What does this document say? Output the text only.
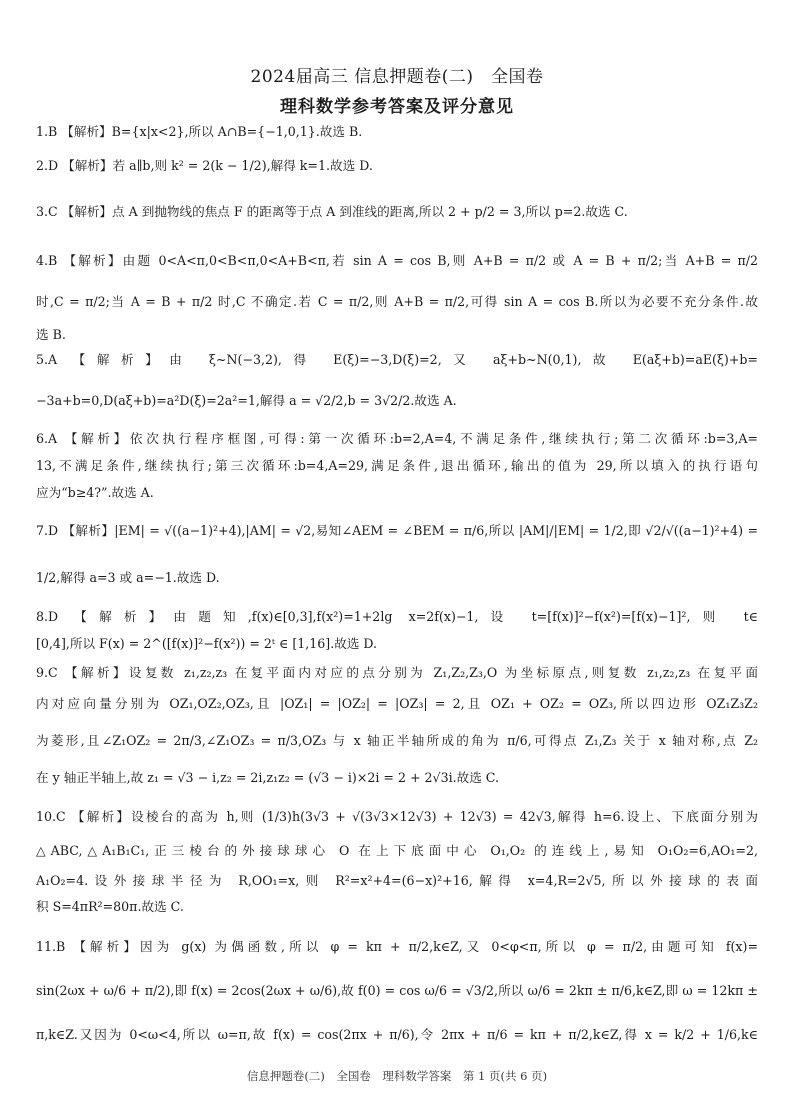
2024届高三 信息押题卷(二)　全国卷
理科数学参考答案及评分意见
1.B 【解析】B={x|x<2},所以 A∩B={−1,0,1}.故选 B.
2.D 【解析】若 a∥b,则 k² = 2(k − 1/2),解得 k=1.故选 D.
3.C 【解析】点 A 到抛物线的焦点 F 的距离等于点 A 到准线的距离,所以 2 + p/2 = 3,所以 p=2.故选 C.
4.B 【解析】由题 0<A<π,0<B<π,0<A+B<π,若 sin A = cos B,则 A+B = π/2 或 A = B + π/2;当 A+B = π/2
时,C = π/2;当 A = B + π/2 时,C 不确定.若 C = π/2,则 A+B = π/2,可得 sin A = cos B.所以为必要不充分条件.故
选 B.
5.A 【解析】由 ξ~N(−3,2),得 E(ξ)=−3,D(ξ)=2,又 aξ+b~N(0,1),故 E(aξ+b)=aE(ξ)+b=
−3a+b=0,D(aξ+b)=a²D(ξ)=2a²=1,解得 a = √2/2,b = 3√2/2.故选 A.
6.A 【解析】依次执行程序框图,可得:第一次循环:b=2,A=4,不满足条件,继续执行;第二次循环:b=3,A=
13,不满足条件,继续执行;第三次循环:b=4,A=29,满足条件,退出循环,输出的值为 29,所以填入的执行语句
应为“b≥4?”.故选 A.
7.D 【解析】|EM| = √((a−1)²+4),|AM| = √2,易知∠AEM = ∠BEM = π/6,所以 |AM|/|EM| = 1/2,即 √2/√((a−1)²+4) =
1/2,解得 a=3 或 a=−1.故选 D.
8.D 【解析】由题知,f(x)∈[0,3],f(x²)=1+2lg x=2f(x)−1,设 t=[f(x)]²−f(x²)=[f(x)−1]²,则 t∈
[0,4],所以 F(x) = 2^([f(x)]²−f(x²)) = 2ᵗ ∈ [1,16].故选 D.
9.C 【解析】设复数 z₁,z₂,z₃ 在复平面内对应的点分别为 Z₁,Z₂,Z₃,O 为坐标原点,则复数 z₁,z₂,z₃ 在复平面
内对应向量分别为 OZ₁,OZ₂,OZ₃,且 |OZ₁| = |OZ₂| = |OZ₃| = 2,且 OZ₁ + OZ₂ = OZ₃,所以四边形 OZ₁Z₃Z₂
为菱形,且∠Z₁OZ₂ = 2π/3,∠Z₁OZ₃ = π/3,OZ₃ 与 x 轴正半轴所成的角为 π/6,可得点 Z₁,Z₃ 关于 x 轴对称,点 Z₂
在 y 轴正半轴上,故 z₁ = √3 − i,z₂ = 2i,z₁z₂ = (√3 − i)×2i = 2 + 2√3i.故选 C.
10.C 【解析】设棱台的高为 h,则 (1/3)h(3√3 + √(3√3×12√3) + 12√3) = 42√3,解得 h=6.设上、下底面分别为
△ABC,△A₁B₁C₁,正三棱台的外接球球心 O 在上下底面中心 O₁,O₂ 的连线上,易知 O₁O₂=6,AO₁=2,
A₁O₂=4.设外接球半径为 R,OO₁=x,则 R²=x²+4=(6−x)²+16,解得 x=4,R=2√5,所以外接球的表面
积 S=4πR²=80π.故选 C.
11.B 【解析】因为 g(x) 为偶函数,所以 φ = kπ + π/2,k∈Z,又 0<φ<π,所以 φ = π/2,由题可知 f(x)=
sin(2ωx + ω/6 + π/2),即 f(x) = 2cos(2ωx + ω/6),故 f(0) = cos ω/6 = √3/2,所以 ω/6 = 2kπ ± π/6,k∈Z,即 ω = 12kπ ±
π,k∈Z.又因为 0<ω<4,所以 ω=π,故 f(x) = cos(2πx + π/6),令 2πx + π/6 = kπ + π/2,k∈Z,得 x = k/2 + 1/6,k∈
信息押题卷(二)　全国卷　理科数学答案　第 1 页(共 6 页)
